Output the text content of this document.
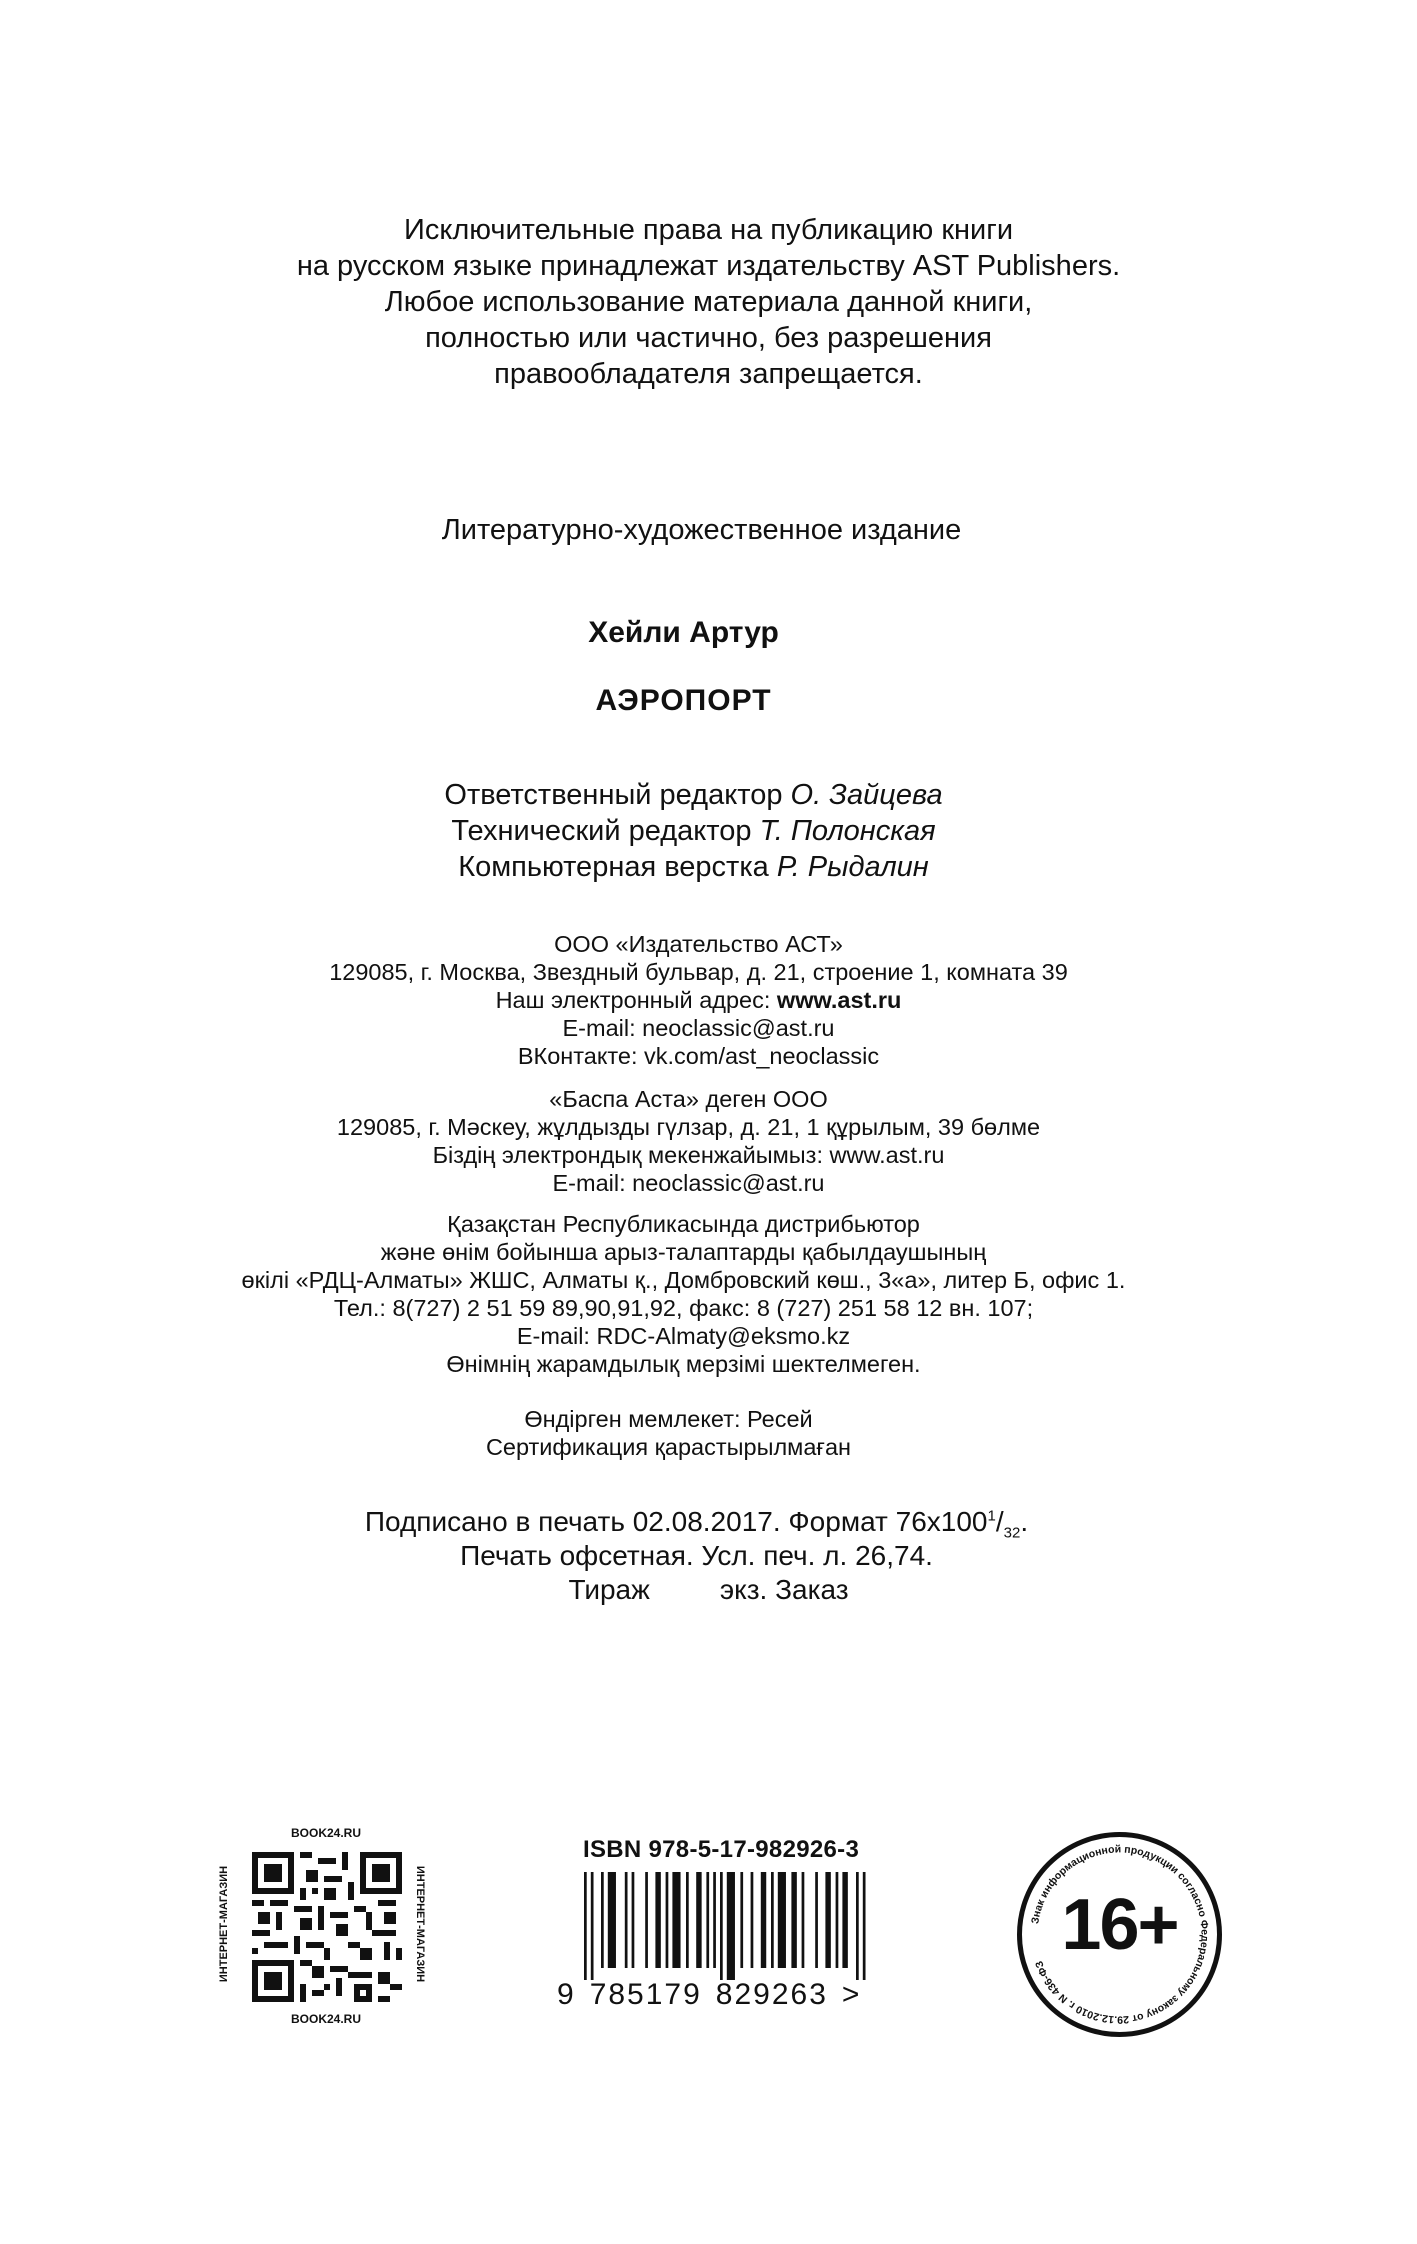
Исключительные права на публикацию книги
на русском языке принадлежат издательству AST Publishers.
Любое использование материала данной книги,
полностью или частично, без разрешения
правообладателя запрещается.
Литературно-художественное издание
Хейли Артур
АЭРОПОРТ
Ответственный редактор О. Зайцева
Технический редактор Т. Полонская
Компьютерная верстка Р. Рыдалин
ООО «Издательство АСТ»
129085, г. Москва, Звездный бульвар, д. 21, строение 1, комната 39
Наш электронный адрес: www.ast.ru
E-mail: neoclassic@ast.ru
ВКонтакте: vk.com/ast_neoclassic
«Баспа Аста» деген ООО
129085, г. Мәскеу, жұлдызды гүлзар, д. 21, 1 құрылым, 39 бөлме
Біздің электрондық мекенжайымыз: www.ast.ru
E-mail: neoclassic@ast.ru
Қазақстан Республикасында дистрибьютор
және өнім бойынша арыз-талаптарды қабылдаушының
өкілі «РДЦ-Алматы» ЖШС, Алматы қ., Домбровский көш., 3«а», литер Б, офис 1.
Тел.: 8(727) 2 51 59 89,90,91,92, факс: 8 (727) 251 58 12 вн. 107;
E-mail: RDC-Almaty@eksmo.kz
Өнімнің жарамдылық мерзімі шектелмеген.
Өндірген мемлекет: Ресей
Сертификация қарастырылмаған
Подписано в печать 02.08.2017. Формат $76х100^1/_{32}$.
Печать офсетная. Усл. печ. л. 26,74.
Тираж	экз. Заказ
BOOK24.RU
ИНТЕРНЕТ-МАГАЗИН	ИНТЕРНЕТ-МАГАЗИН
BOOK24.RU
ISBN 978-5-17-982926-3
9 785179 829263 >
Знак информационной продукции согласно Федеральному закону от 29.12.2010 г. N 436-ФЗ 16+
